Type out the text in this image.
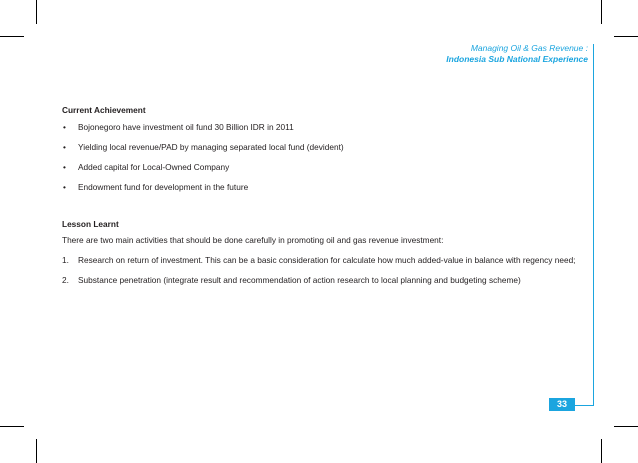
Managing Oil & Gas Revenue :
Indonesia Sub National Experience
33

Current Achievement

• Bojonegoro have investment oil fund 30 Billion IDR in 2011
• Yielding local revenue/PAD by managing separated local fund (devident)
• Added capital for Local-Owned Company
• Endowment fund for development in the future

Lesson Learnt

There are two main activities that should be done carefully in promoting oil and gas revenue investment:

1. Research on return of investment. This can be a basic consideration for calculate how much added-value in balance with regency need;
2. Substance penetration (integrate result and recommendation of action research to local planning and budgeting scheme)
